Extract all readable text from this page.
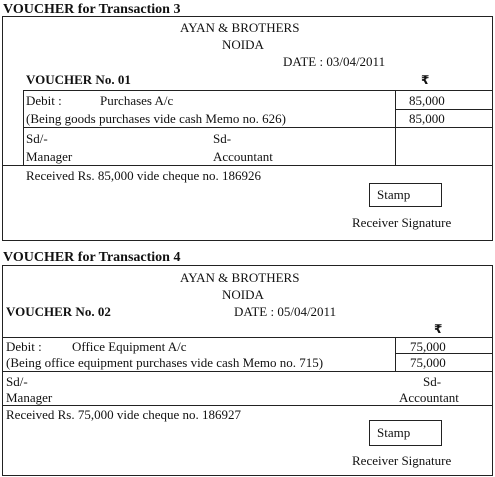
VOUCHER for Transaction 3
AYAN & BROTHERS
NOIDA
DATE : 03/04/2011
VOUCHER No. 01	₹
Debit :	Purchases A/c	85,000
(Being goods purchases vide cash Memo no. 626)	85,000
Sd/-	Sd-
Manager	Accountant
Received Rs. 85,000 vide cheque no. 186926
Stamp
Receiver Signature
VOUCHER for Transaction 4
AYAN & BROTHERS
NOIDA
VOUCHER No. 02	DATE : 05/04/2011
₹
Debit : Office Equipment A/c	75,000
(Being office equipment purchases vide cash Memo no. 715)	75,000
Sd/-	Sd-
Manager	Accountant
Received Rs. 75,000 vide cheque no. 186927
Stamp
Receiver Signature
